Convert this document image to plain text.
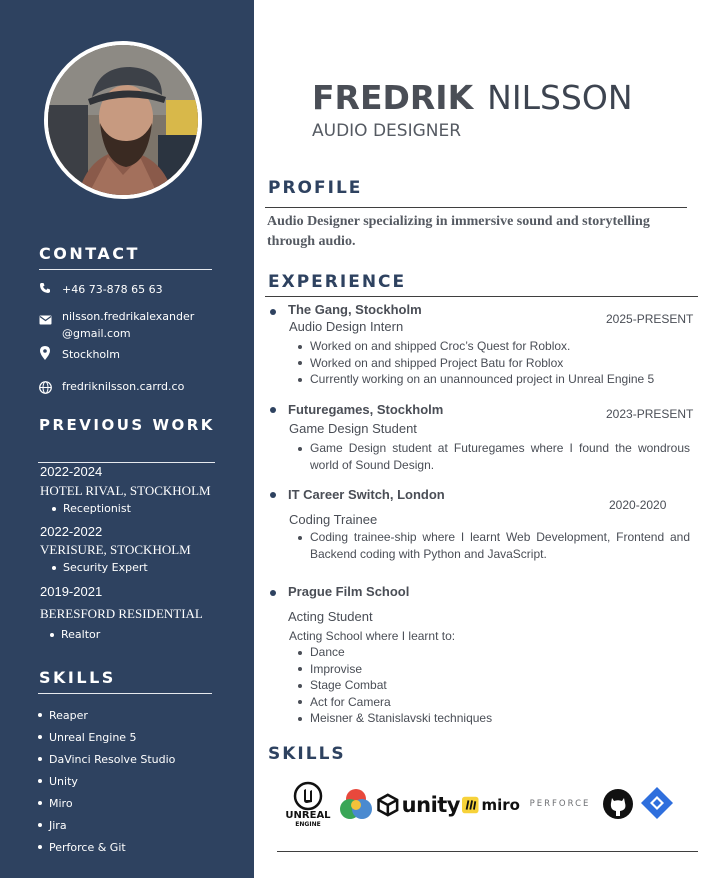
CONTACT
+46 73-878 65 63
nilsson.fredrikalexander
@gmail.com
Stockholm
fredriknilsson.carrd.co
PREVIOUS WORK

2022-2024

HOTEL RIVAL, STOCKHOLM

Receptionist

2022-2022

VERISURE, STOCKHOLM

Security Expert

2019-2021

BERESFORD RESIDENTIAL

Realtor
SKILLS
Reaper
Unreal Engine 5
DaVinci Resolve Studio
Unity
Miro
Jira
Perforce & Git
FREDRIK NILSSON

AUDIO DESIGNER

PROFILE

Audio Designer specializing in immersive sound and storytelling through audio.

EXPERIENCE

The Gang, Stockholm

Audio Design Intern	2025-PRESENT

Worked on and shipped Croc’s Quest for Roblox.
Worked on and shipped Project Batu for Roblox
Currently working on an unannounced project in Unreal Engine 5

Futuregames, Stockholm

Game Design Student

2023-PRESENT

Game Design student at Futuregames where I found the wondrous world of Sound Design.

IT Career Switch, London

Coding Trainee

2020-2020

Coding trainee-ship where I learnt Web Development, Frontend and Backend coding with Python and JavaScript.

Prague Film School

Acting Student

Acting School where I learnt to:

Dance
Improvise
Stage Combat
Act for Camera
Meisner & Stanislavski techniques
SKILLS
UNREAL
ENGINE
unity miro PERFORCE
